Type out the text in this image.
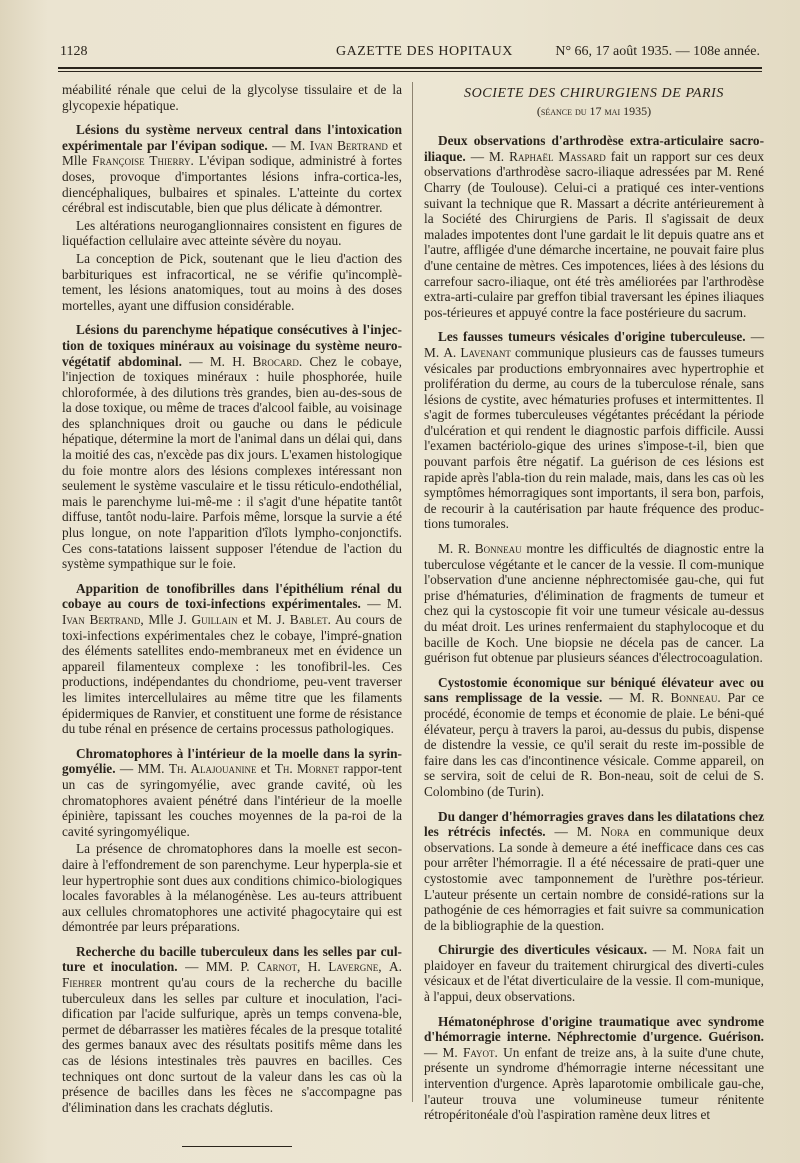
1128	GAZETTE DES HOPITAUX	N° 66, 17 août 1935. — 108e année.

méabilité rénale que celui de la glycolyse tissulaire et de la glycopexie hépatique.

Lésions du système nerveux central dans l'intoxication expérimentale par l'évipan sodique. — M. Ivan Bertrand et Mlle Françoise Thierry. L'évipan sodique, administré à fortes doses, provoque d'importantes lésions infra-cortica-les, diencéphaliques, bulbaires et spinales. L'atteinte du cortex cérébral est indiscutable, bien que plus délicate à démontrer.

Les altérations neuroganglionnaires consistent en figures de liquéfaction cellulaire avec atteinte sévère du noyau.

La conception de Pick, soutenant que le lieu d'action des barbituriques est infracortical, ne se vérifie qu'incomplè-tement, les lésions anatomiques, tout au moins à des doses mortelles, ayant une diffusion considérable.

Lésions du parenchyme hépatique consécutives à l'injec-tion de toxiques minéraux au voisinage du système neuro-végétatif abdominal. — M. H. Brocard. Chez le cobaye, l'injection de toxiques minéraux : huile phosphorée, huile chloroformée, à des dilutions très grandes, bien au-des-sous de la dose toxique, ou même de traces d'alcool faible, au voisinage des splanchniques droit ou gauche ou dans le pédicule hépatique, détermine la mort de l'animal dans un délai qui, dans la moitié des cas, n'excède pas dix jours. L'examen histologique du foie montre alors des lésions complexes intéressant non seulement le système vasculaire et le tissu réticulo-endothélial, mais le parenchyme lui-mê-me : il s'agit d'une hépatite tantôt diffuse, tantôt nodu-laire. Parfois même, lorsque la survie a été plus longue, on note l'apparition d'îlots lympho-conjonctifs. Ces cons-tatations laissent supposer l'étendue de l'action du système sympathique sur le foie.

Apparition de tonofibrilles dans l'épithélium rénal du cobaye au cours de toxi-infections expérimentales. — M. Ivan Bertrand, Mlle J. Guillain et M. J. Bablet. Au cours de toxi-infections expérimentales chez le cobaye, l'impré-gnation des éléments satellites endo-membraneux met en évidence un appareil filamenteux complexe : les tonofibril-les. Ces productions, indépendantes du chondriome, peu-vent traverser les limites intercellulaires au même titre que les filaments épidermiques de Ranvier, et constituent une forme de résistance du tube rénal en présence de certains processus pathologiques.

Chromatophores à l'intérieur de la moelle dans la syrin-gomyélie. — MM. Th. Alajouanine et Th. Mornet rappor-tent un cas de syringomyélie, avec grande cavité, où les chromatophores avaient pénétré dans l'intérieur de la moelle épinière, tapissant les couches moyennes de la pa-roi de la cavité syringomyélique.

La présence de chromatophores dans la moelle est secon-daire à l'effondrement de son parenchyme. Leur hyperpla-sie et leur hypertrophie sont dues aux conditions chimico-biologiques locales favorables à la mélanogénèse. Les au-teurs attribuent aux cellules chromatophores une activité phagocytaire qui est démontrée par leurs préparations.

Recherche du bacille tuberculeux dans les selles par cul-ture et inoculation. — MM. P. Carnot, H. Lavergne, A. Fiehrer montrent qu'au cours de la recherche du bacille tuberculeux dans les selles par culture et inoculation, l'aci-dification par l'acide sulfurique, après un temps convena-ble, permet de débarrasser les matières fécales de la presque totalité des germes banaux avec des résultats positifs même dans les cas de lésions intestinales très pauvres en bacilles. Ces techniques ont donc surtout de la valeur dans les cas où la présence de bacilles dans les fèces ne s'accompagne pas d'élimination dans les crachats déglutis.

SOCIETE DES CHIRURGIENS DE PARIS
(séance du 17 mai 1935)

Deux observations d'arthrodèse extra-articulaire sacro-iliaque. — M. Raphaël Massard fait un rapport sur ces deux observations d'arthrodèse sacro-iliaque adressées par M. René Charry (de Toulouse). Celui-ci a pratiqué ces inter-ventions suivant la technique que R. Massart a décrite antérieurement à la Société des Chirurgiens de Paris. Il s'agissait de deux malades impotentes dont l'une gardait le lit depuis quatre ans et l'autre, affligée d'une démarche incertaine, ne pouvait faire plus d'une centaine de mètres. Ces impotences, liées à des lésions du carrefour sacro-iliaque, ont été très améliorées par l'arthrodèse extra-arti-culaire par greffon tibial traversant les épines iliaques pos-térieures et appuyé contre la face postérieure du sacrum.

Les fausses tumeurs vésicales d'origine tuberculeuse. — M. A. Lavenant communique plusieurs cas de fausses tumeurs vésicales par productions embryonnaires avec hypertrophie et prolifération du derme, au cours de la tuberculose rénale, sans lésions de cystite, avec hématuries profuses et intermittentes. Il s'agit de formes tuberculeuses végétantes précédant la période d'ulcération et qui rendent le diagnostic parfois difficile. Aussi l'examen bactériolo-gique des urines s'impose-t-il, bien que pouvant parfois être négatif. La guérison de ces lésions est rapide après l'abla-tion du rein malade, mais, dans les cas où les symptômes hémorragiques sont importants, il sera bon, parfois, de recourir à la cautérisation par haute fréquence des produc-tions tumorales.

M. R. Bonneau montre les difficultés de diagnostic entre la tuberculose végétante et le cancer de la vessie. Il com-munique l'observation d'une ancienne néphrectomisée gau-che, qui fut prise d'hématuries, d'élimination de fragments de tumeur et chez qui la cystoscopie fit voir une tumeur vésicale au-dessus du méat droit. Les urines renfermaient du staphylocoque et du bacille de Koch. Une biopsie ne décela pas de cancer. La guérison fut obtenue par plusieurs séances d'électrocoagulation.

Cystostomie économique sur béniqué élévateur avec ou sans remplissage de la vessie. — M. R. Bonneau. Par ce procédé, économie de temps et économie de plaie. Le béni-qué élévateur, perçu à travers la paroi, au-dessus du pubis, dispense de distendre la vessie, ce qu'il serait du reste im-possible de faire dans les cas d'incontinence vésicale. Comme appareil, on se servira, soit de celui de R. Bon-neau, soit de celui de S. Colombino (de Turin).

Du danger d'hémorragies graves dans les dilatations chez les rétrécis infectés. — M. Nora en communique deux observations. La sonde à demeure a été inefficace dans ces cas pour arrêter l'hémorragie. Il a été nécessaire de prati-quer une cystostomie avec tamponnement de l'urèthre pos-térieur. L'auteur présente un certain nombre de considé-rations sur la pathogénie de ces hémorragies et fait suivre sa communication de la bibliographie de la question.

Chirurgie des diverticules vésicaux. — M. Nora fait un plaidoyer en faveur du traitement chirurgical des diverti-cules vésicaux et de l'état diverticulaire de la vessie. Il com-munique, à l'appui, deux observations.

Hématonéphrose d'origine traumatique avec syndrome d'hémorragie interne. Néphrectomie d'urgence. Guérison. — M. Fayot. Un enfant de treize ans, à la suite d'une chute, présente un syndrome d'hémorragie interne nécessitant une intervention d'urgence. Après laparotomie ombilicale gau-che, l'auteur trouva une volumineuse tumeur rénitente rétropéritonéale d'où l'aspiration ramène deux litres et
